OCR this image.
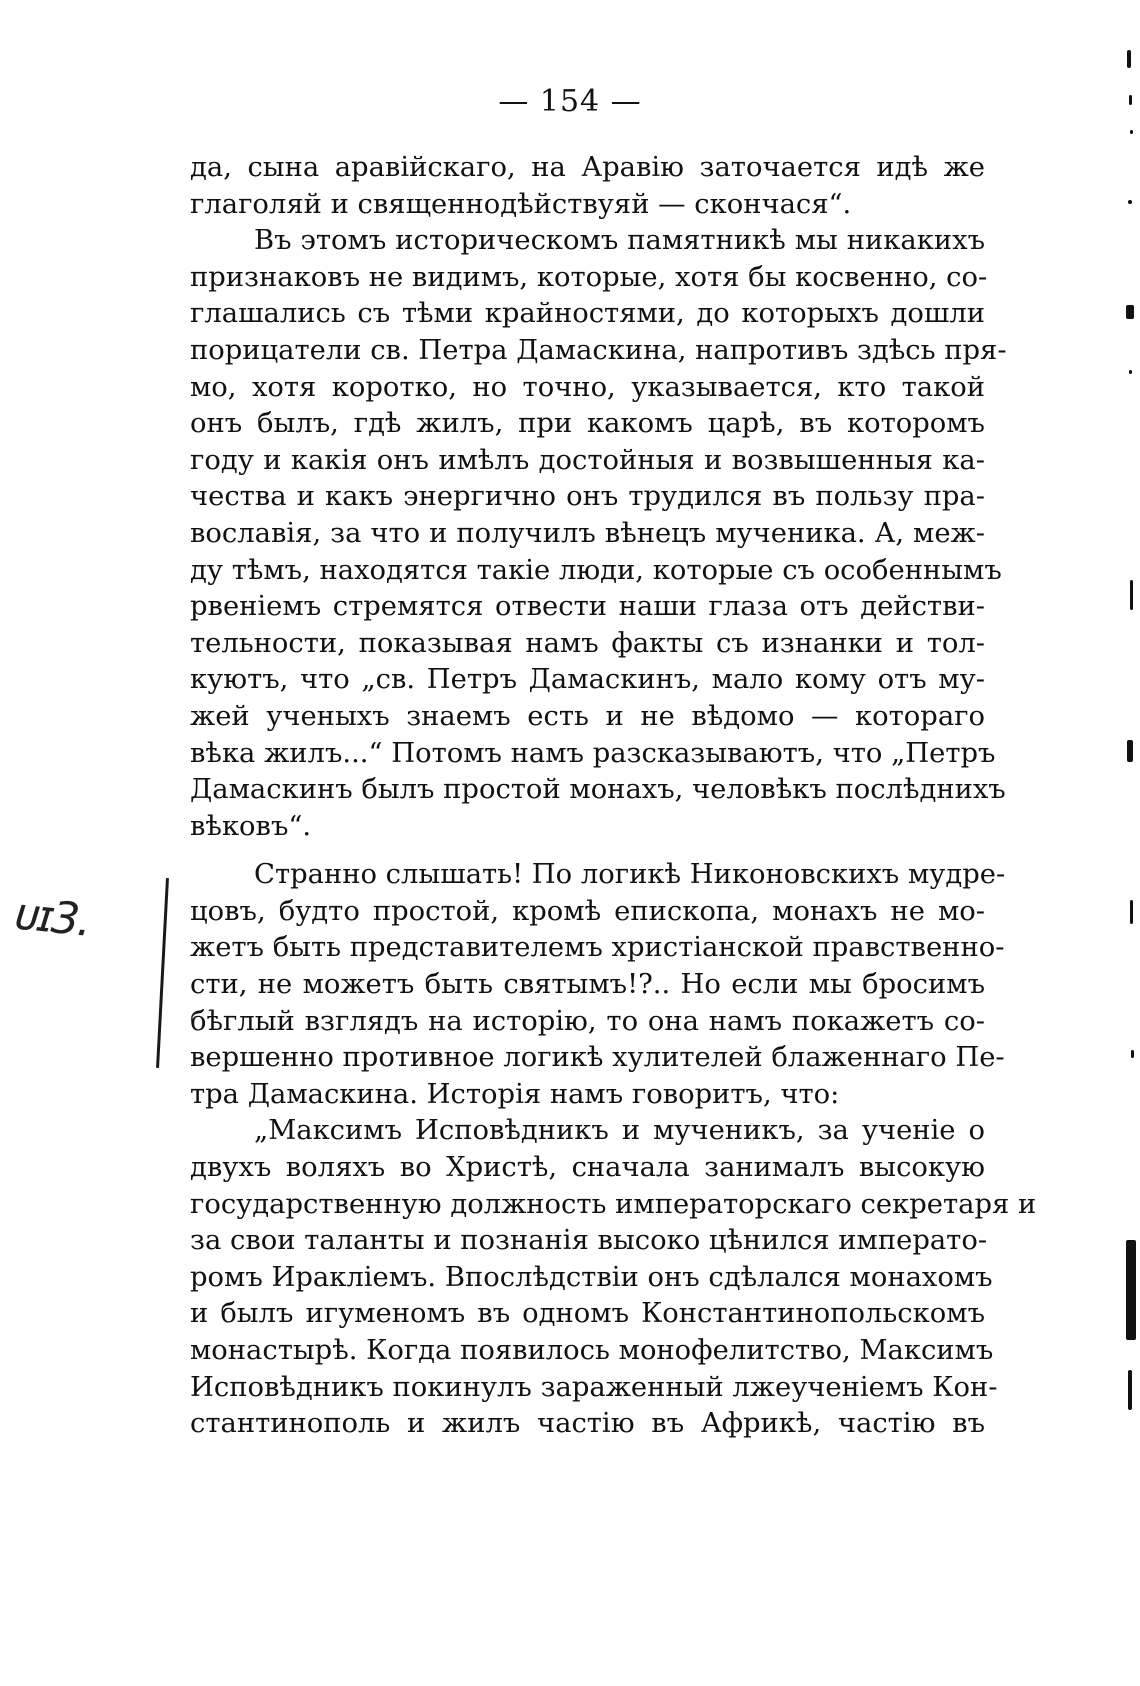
— 154 —
ᴜɪ3.
да, сына аравійскаго, на Аравію заточается идѣ же
глаголяй и священнодѣйствуяй — скончася“.
Въ этомъ историческомъ памятникѣ мы никакихъ
признаковъ не видимъ, которые, хотя бы косвенно, со-
глашались съ тѣми крайностями, до которыхъ дошли
порицатели св. Петра Дамаскина, напротивъ здѣсь пря-
мо, хотя коротко, но точно, указывается, кто такой
онъ былъ, гдѣ жилъ, при какомъ царѣ, въ которомъ
году и какія онъ имѣлъ достойныя и возвышенныя ка-
чества и какъ энергично онъ трудился въ пользу пра-
вославія, за что и получилъ вѣнецъ мученика. А, меж-
ду тѣмъ, находятся такіе люди, которые съ особеннымъ
рвеніемъ стремятся отвести наши глаза отъ действи-
тельности, показывая намъ факты съ изнанки и тол-
куютъ, что „св. Петръ Дамаскинъ, мало кому отъ му-
жей ученыхъ знаемъ есть и не вѣдомо — котораго
вѣка жилъ...“ Потомъ намъ разсказываютъ, что „Петръ
Дамаскинъ былъ простой монахъ, человѣкъ послѣднихъ
вѣковъ“.
Странно слышать! По логикѣ Никоновскихъ мудре-
цовъ, будто простой, кромѣ епископа, монахъ не мо-
жетъ быть представителемъ христіанской правственно-
сти, не можетъ быть святымъ!?.. Но если мы бросимъ
бѣглый взглядъ на исторію, то она намъ покажетъ со-
вершенно противное логикѣ хулителей блаженнаго Пе-
тра Дамаскина. Исторія намъ говоритъ, что:
„Максимъ Исповѣдникъ и мученикъ, за ученіе о
двухъ воляхъ во Христѣ, сначала занималъ высокую
государственную должность императорскаго секретаря и
за свои таланты и познанія высоко цѣнился императо-
ромъ Ираклiемъ. Впослѣдствіи онъ сдѣлался монахомъ
и былъ игуменомъ въ одномъ Константинопольскомъ
монастырѣ. Когда появилось монофелитство, Максимъ
Исповѣдникъ покинулъ зараженный лжеученіемъ Кон-
стантинополь и жилъ частію въ Африкѣ, частію въ
